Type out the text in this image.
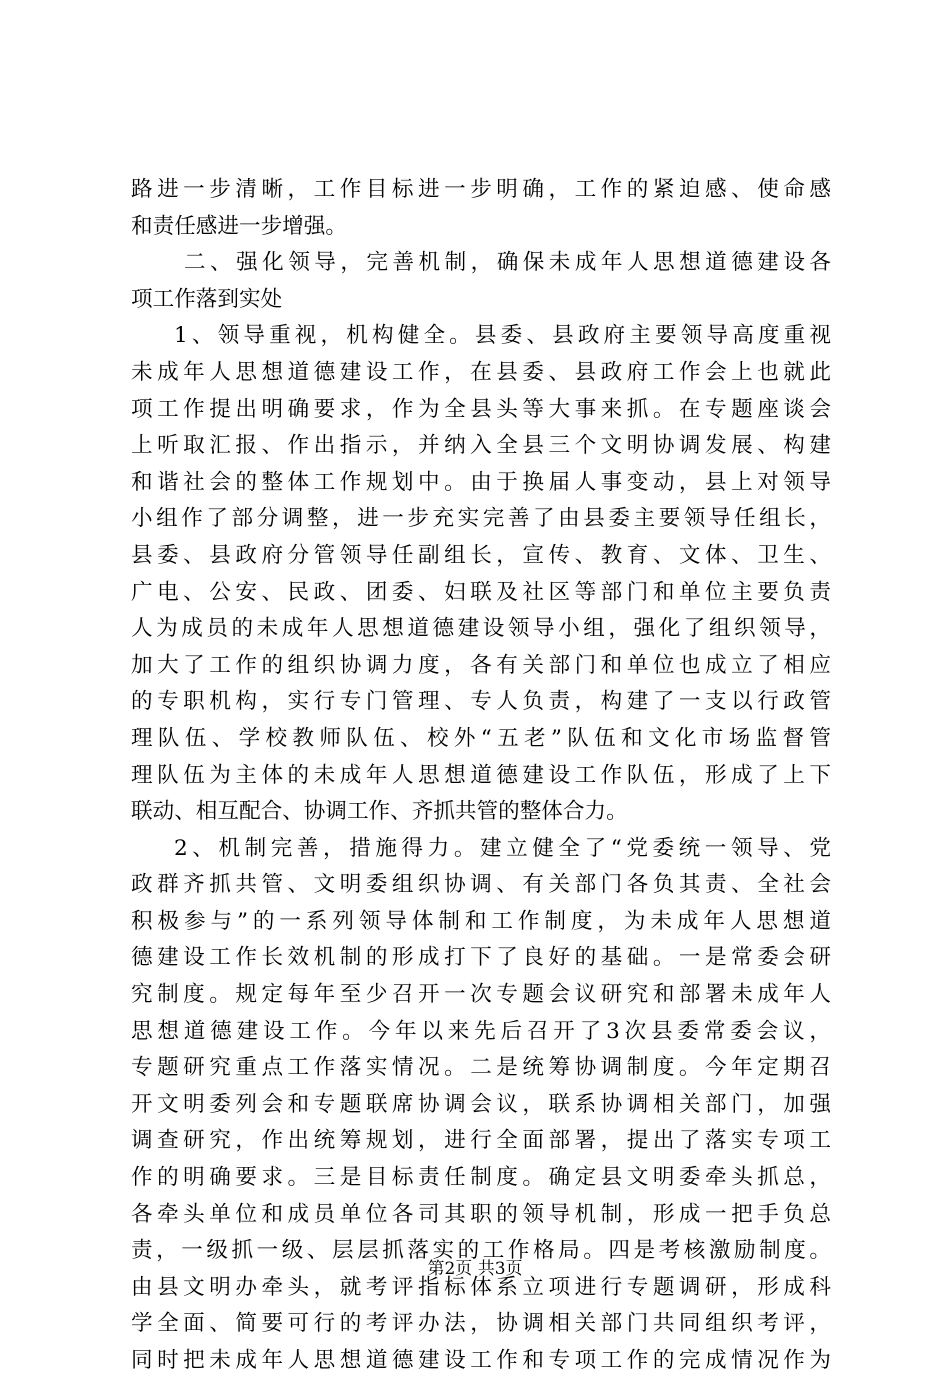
路进一步清晰，工作目标进一步明确，工作的紧迫感、使命感
和责任感进一步增强。
二、强化领导，完善机制，确保未成年人思想道德建设各
项工作落到实处
1、领导重视，机构健全。县委、县政府主要领导高度重视
未成年人思想道德建设工作，在县委、县政府工作会上也就此
项工作提出明确要求，作为全县头等大事来抓。在专题座谈会
上听取汇报、作出指示，并纳入全县三个文明协调发展、构建
和谐社会的整体工作规划中。由于换届人事变动，县上对领导
小组作了部分调整，进一步充实完善了由县委主要领导任组长，
县委、县政府分管领导任副组长，宣传、教育、文体、卫生、
广电、公安、民政、团委、妇联及社区等部门和单位主要负责
人为成员的未成年人思想道德建设领导小组，强化了组织领导，
加大了工作的组织协调力度，各有关部门和单位也成立了相应
的专职机构，实行专门管理、专人负责，构建了一支以行政管
理队伍、学校教师队伍、校外“五老”队伍和文化市场监督管
理队伍为主体的未成年人思想道德建设工作队伍，形成了上下
联动、相互配合、协调工作、齐抓共管的整体合力。
2、机制完善，措施得力。建立健全了“党委统一领导、党
政群齐抓共管、文明委组织协调、有关部门各负其责、全社会
积极参与”的一系列领导体制和工作制度，为未成年人思想道
德建设工作长效机制的形成打下了良好的基础。一是常委会研
究制度。规定每年至少召开一次专题会议研究和部署未成年人
思想道德建设工作。今年以来先后召开了3次县委常委会议，
专题研究重点工作落实情况。二是统筹协调制度。今年定期召
开文明委列会和专题联席协调会议，联系协调相关部门，加强
调查研究，作出统筹规划，进行全面部署，提出了落实专项工
作的明确要求。三是目标责任制度。确定县文明委牵头抓总，
各牵头单位和成员单位各司其职的领导机制，形成一把手负总
责，一级抓一级、层层抓落实的工作格局。四是考核激励制度。
由县文明办牵头，就考评指标体系立项进行专题调研，形成科
学全面、简要可行的考评办法，协调相关部门共同组织考评，
同时把未成年人思想道德建设工作和专项工作的完成情况作为
第2页 共3页
